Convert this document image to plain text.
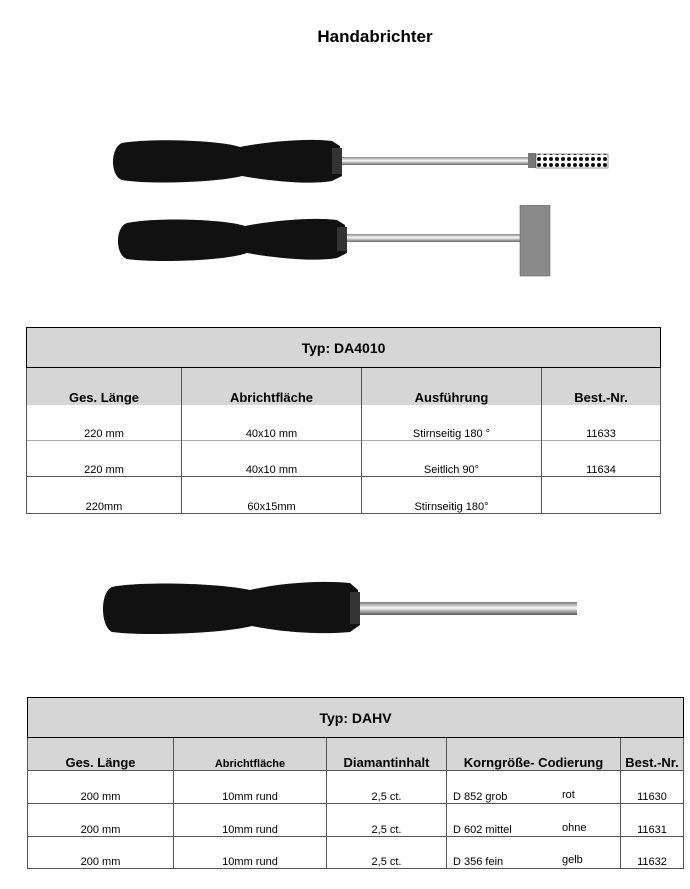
Handabrichter
Typ: DA4010			
Ges. Länge	Abrichtfläche	Ausführung	Best.-Nr.
220 mm	40x10 mm	Stirnseitig 180 °	11633
220 mm	40x10 mm	Seitlich 90°	11634
220mm	60x15mm	Stirnseitig 180°	
Typ: DAHV				
Ges. Länge	Abrichtfläche	Diamantinhalt	Korngröße- Codierung	Best.-Nr.
200 mm	10mm rund	2,5 ct.	D 852 grob rot	11630
200 mm	10mm rund	2,5 ct.	D 602 mittel ohne	11631
200 mm	10mm rund	2,5 ct.	D 356 fein gelb	11632
